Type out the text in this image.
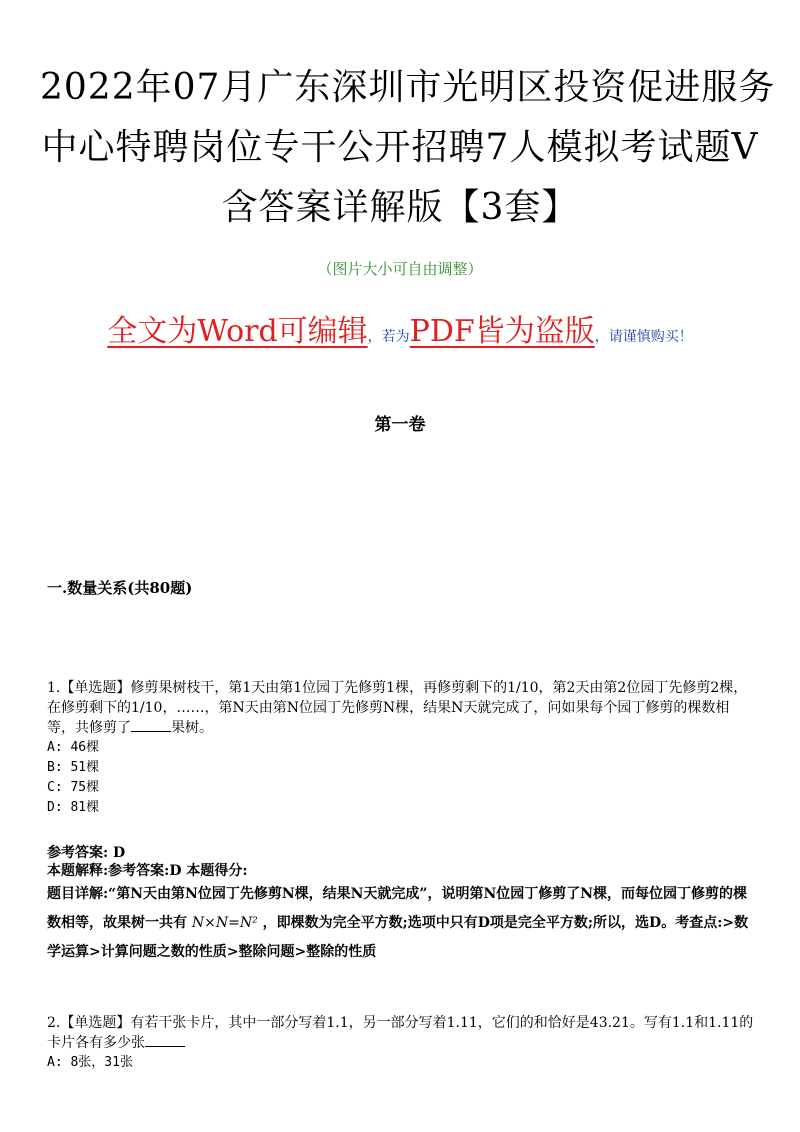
2022年07月广东深圳市光明区投资促进服务
中心特聘岗位专干公开招聘7人模拟考试题V
含答案详解版【3套】
（图片大小可自由调整）
全文为Word可编辑，若为PDF皆为盗版，请谨慎购买！
第一卷
一.数量关系(共80题)
1.【单选题】修剪果树枝干，第1天由第1位园丁先修剪1棵，再修剪剩下的1/10，第2天由第2位园丁先修剪2棵，在修剪剩下的1/10，……，第N天由第N位园丁先修剪N棵，结果N天就完成了，问如果每个园丁修剪的棵数相等，共修剪了	果树。
A: 46棵
B: 51棵
C: 75棵
D: 81棵
参考答案: D
本题解释:参考答案:D 本题得分:
题目详解:“第N天由第N位园丁先修剪N棵，结果N天就完成”，说明第N位园丁修剪了N棵，而每位园丁修剪的棵数相等，故果树一共有 N×N=N² ，即棵数为完全平方数;选项中只有D项是完全平方数;所以，选D。考查点:>数学运算>计算问题之数的性质>整除问题>整除的性质
2.【单选题】有若干张卡片，其中一部分写着1.1，另一部分写着1.11，它们的和恰好是43.21。写有1.1和1.11的卡片各有多少张
A: 8张，31张
